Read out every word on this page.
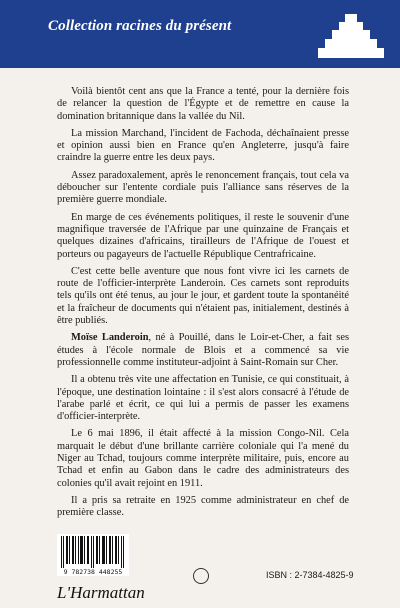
Collection racines du présent

Voilà bientôt cent ans que la France a tenté, pour la dernière fois de relancer la question de l'Égypte et de remettre en cause la domination britannique dans la vallée du Nil.

La mission Marchand, l'incident de Fachoda, déchaînaient presse et opinion aussi bien en France qu'en Angleterre, jusqu'à faire craindre la guerre entre les deux pays.

Assez paradoxalement, après le renoncement français, tout cela va déboucher sur l'entente cordiale puis l'alliance sans réserves de la première guerre mondiale.

En marge de ces événements politiques, il reste le souvenir d'une magnifique traversée de l'Afrique par une quinzaine de Français et quelques dizaines d'africains, tirailleurs de l'Afrique de l'ouest et porteurs ou pagayeurs de l'actuelle République Centrafricaine.

C'est cette belle aventure que nous font vivre ici les carnets de route de l'officier-interprète Landeroin. Ces carnets sont reproduits tels qu'ils ont été tenus, au jour le jour, et gardent toute la spontanéité et la fraîcheur de documents qui n'étaient pas, initialement, destinés à être publiés.

Moïse Landeroin, né à Pouillé, dans le Loir-et-Cher, a fait ses études à l'école normale de Blois et a commencé sa vie professionnelle comme instituteur-adjoint à Saint-Romain sur Cher.

Il a obtenu très vite une affectation en Tunisie, ce qui constituait, à l'époque, une destination lointaine : il s'est alors consacré à l'étude de l'arabe parlé et écrit, ce qui lui a permis de passer les examens d'officier-interprète.

Le 6 mai 1896, il était affecté à la mission Congo-Nil. Cela marquait le début d'une brillante carrière coloniale qui l'a mené du Niger au Tchad, toujours comme interprète militaire, puis, encore au Tchad et enfin au Gabon dans le cadre des administrateurs des colonies qu'il avait rejoint en 1911.

Il a pris sa retraite en 1925 comme administrateur en chef de première classe.

9 782738 448255	ISBN : 2-7384-4825-9
L'Harmattan
